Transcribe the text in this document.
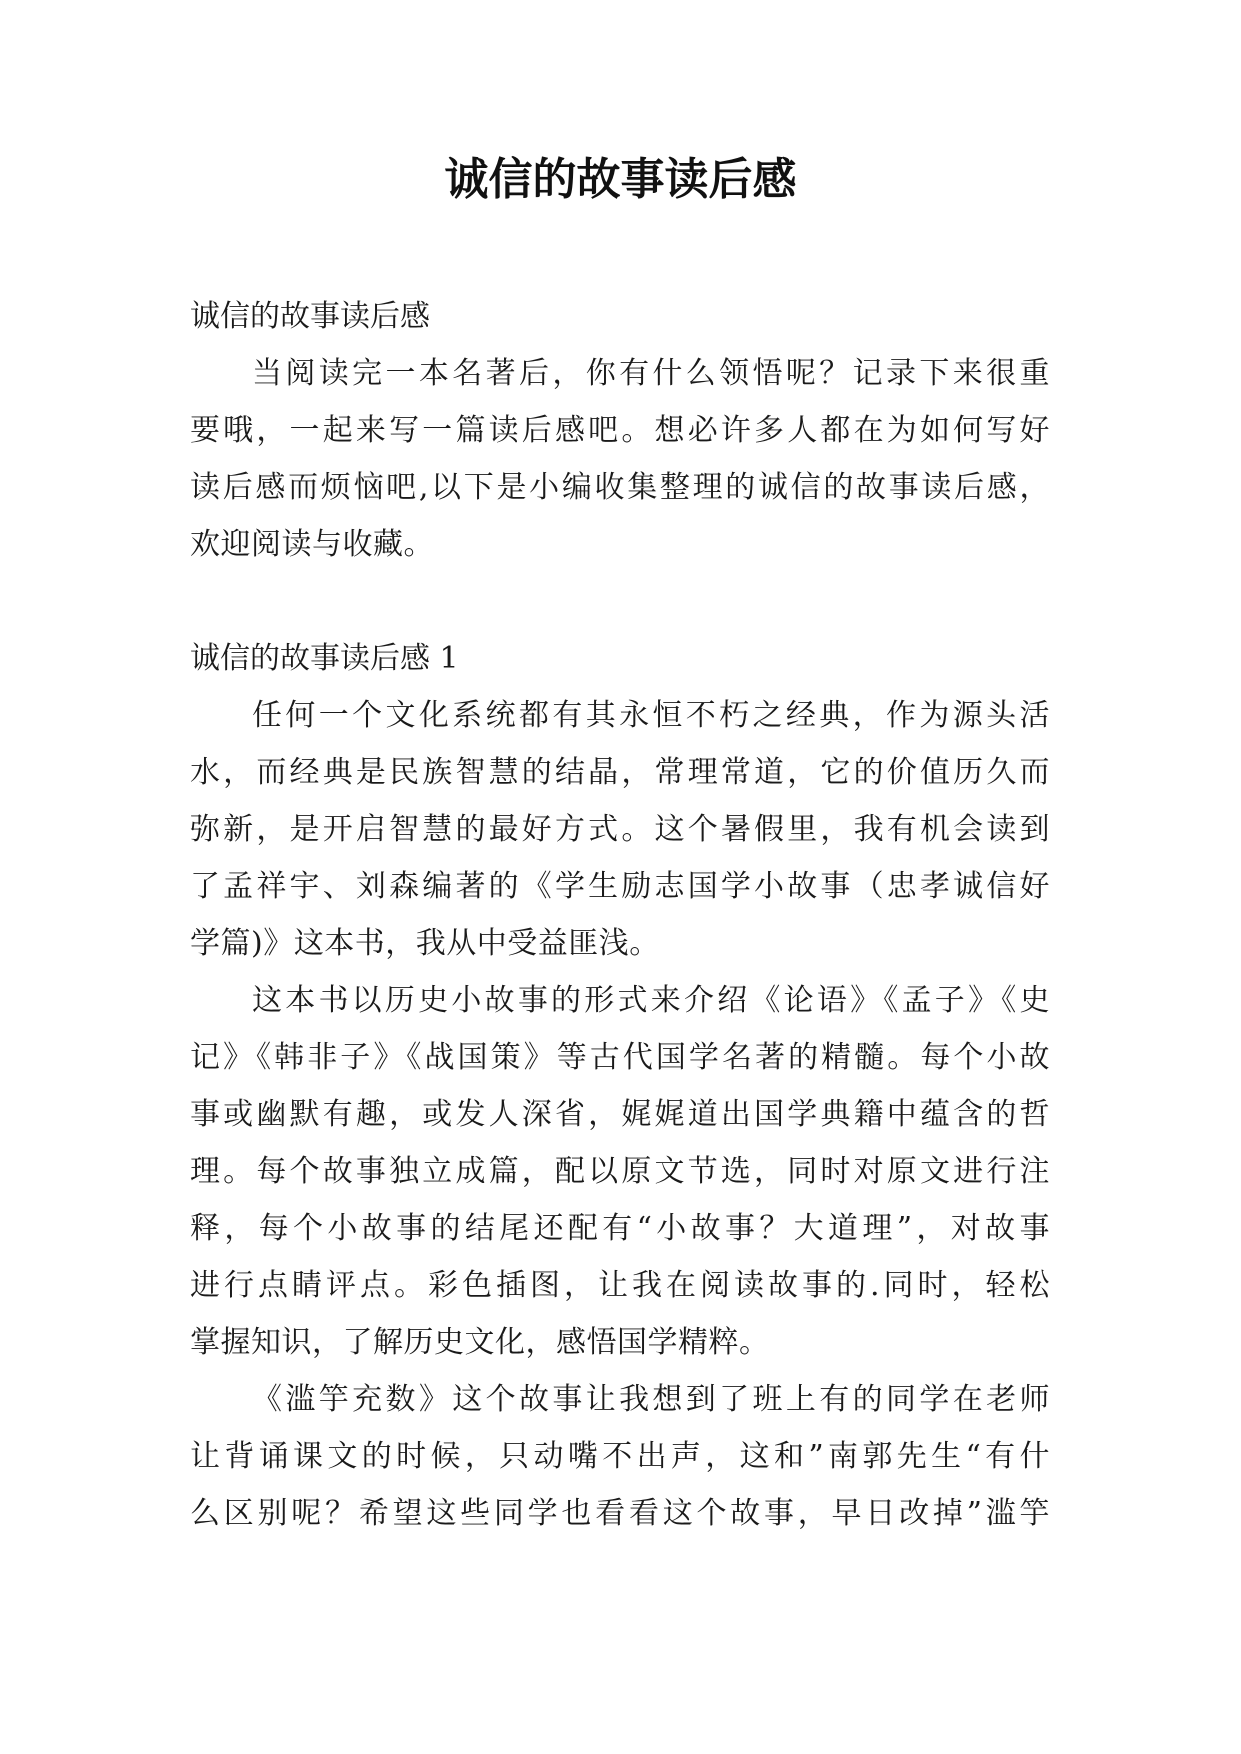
诚信的故事读后感
诚信的故事读后感
当阅读完一本名著后，你有什么领悟呢？记录下来很重
要哦，一起来写一篇读后感吧。想必许多人都在为如何写好
读后感而烦恼吧,以下是小编收集整理的诚信的故事读后感，
欢迎阅读与收藏。
诚信的故事读后感 1
任何一个文化系统都有其永恒不朽之经典，作为源头活
水，而经典是民族智慧的结晶，常理常道，它的价值历久而
弥新，是开启智慧的最好方式。这个暑假里，我有机会读到
了孟祥宇、刘森编著的《学生励志国学小故事（忠孝诚信好
学篇)》这本书，我从中受益匪浅。
这本书以历史小故事的形式来介绍《论语》《孟子》《史
记》《韩非子》《战国策》等古代国学名著的精髓。每个小故
事或幽默有趣，或发人深省，娓娓道出国学典籍中蕴含的哲
理。每个故事独立成篇，配以原文节选，同时对原文进行注
释，每个小故事的结尾还配有“小故事？大道理”，对故事
进行点睛评点。彩色插图，让我在阅读故事的.同时，轻松
掌握知识，了解历史文化，感悟国学精粹。
《滥竽充数》这个故事让我想到了班上有的同学在老师
让背诵课文的时候，只动嘴不出声，这和”南郭先生“有什
么区别呢？希望这些同学也看看这个故事，早日改掉”滥竽
